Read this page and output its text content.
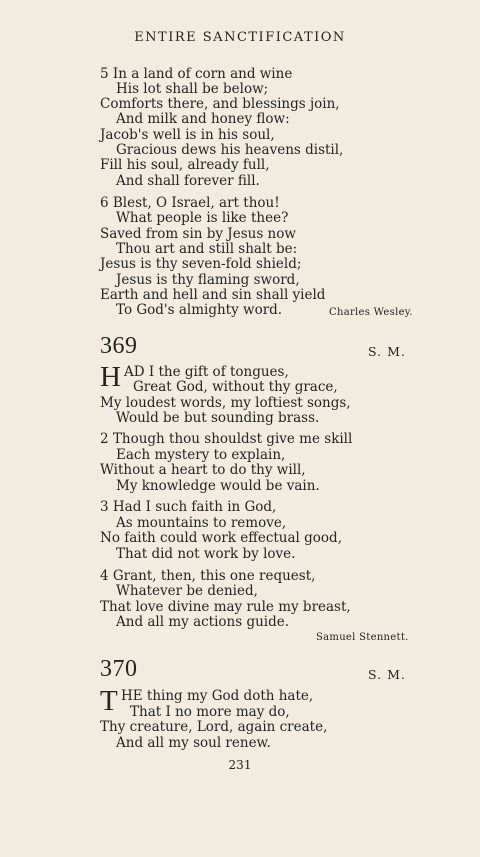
ENTIRE SANCTIFICATION
5 In a land of corn and wine
His lot shall be below;
Comforts there, and blessings join,
And milk and honey flow:
Jacob's well is in his soul,
Gracious dews his heavens distil,
Fill his soul, already full,
And shall forever fill.
6 Blest, O Israel, art thou!
What people is like thee?
Saved from sin by Jesus now
Thou art and still shalt be:
Jesus is thy seven-fold shield;
Jesus is thy flaming sword,
Earth and hell and sin shall yield
To God's almighty word.	Charles Wesley.
369	S. M.
H AD I the gift of tongues,
Great God, without thy grace,
My loudest words, my loftiest songs,
Would be but sounding brass.
2 Though thou shouldst give me skill
Each mystery to explain,
Without a heart to do thy will,
My knowledge would be vain.
3 Had I such faith in God,
As mountains to remove,
No faith could work effectual good,
That did not work by love.
4 Grant, then, this one request,
Whatever be denied,
That love divine may rule my breast,
And all my actions guide.
Samuel Stennett.
370	S. M.
T HE thing my God doth hate,
That I no more may do,
Thy creature, Lord, again create,
And all my soul renew.
231
